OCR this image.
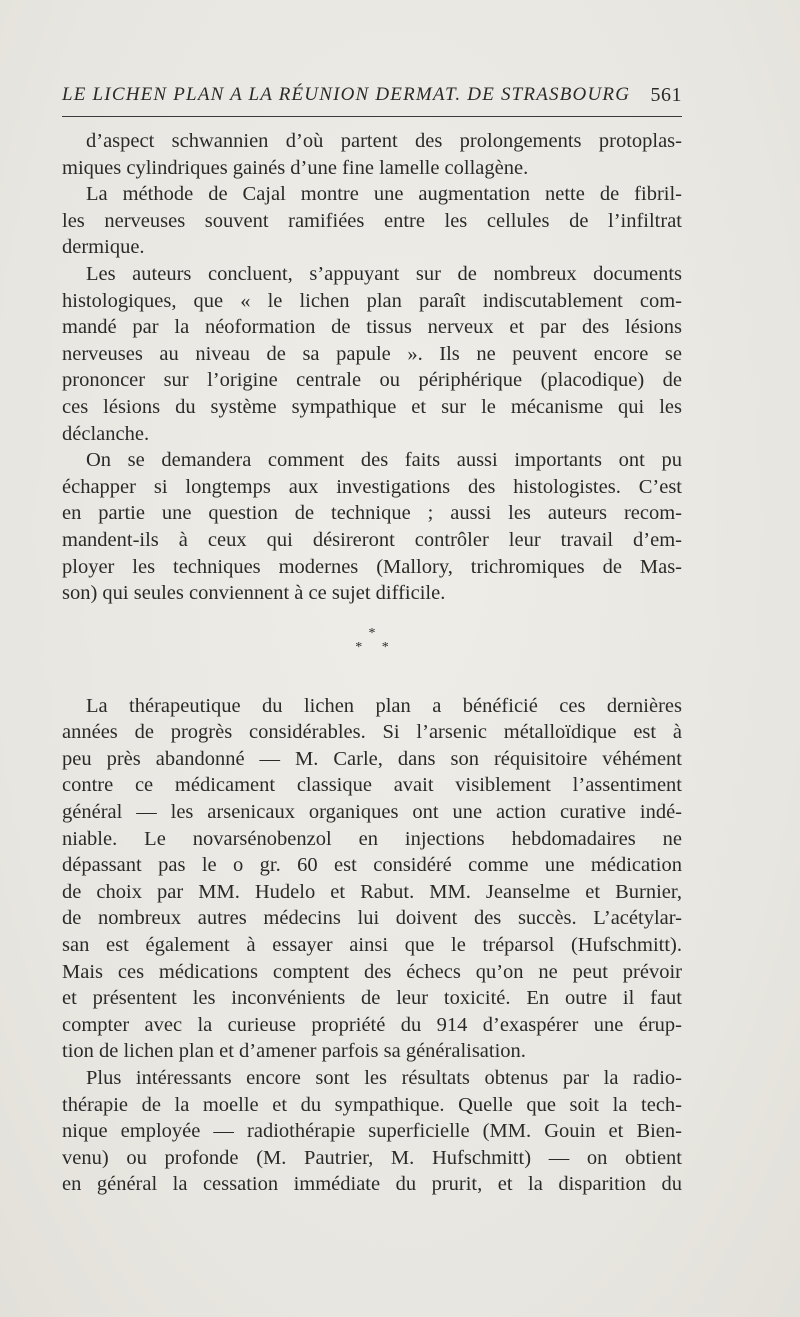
LE LICHEN PLAN A LA RÉUNION DERMAT. DE STRASBOURG 561
d’aspect schwannien d’où partent des prolongements protoplas-
miques cylindriques gainés d’une fine lamelle collagène.
La méthode de Cajal montre une augmentation nette de fibril-
les nerveuses souvent ramifiées entre les cellules de l’infiltrat
dermique.
Les auteurs concluent, s’appuyant sur de nombreux documents
histologiques, que « le lichen plan paraît indiscutablement com-
mandé par la néoformation de tissus nerveux et par des lésions
nerveuses au niveau de sa papule ». Ils ne peuvent encore se
prononcer sur l’origine centrale ou périphérique (placodique) de
ces lésions du système sympathique et sur le mécanisme qui les
déclanche.
On se demandera comment des faits aussi importants ont pu
échapper si longtemps aux investigations des histologistes. C’est
en partie une question de technique ; aussi les auteurs recom-
mandent-ils à ceux qui désireront contrôler leur travail d’em-
ployer les techniques modernes (Mallory, trichromiques de Mas-
son) qui seules conviennent à ce sujet difficile.
*
* *
La thérapeutique du lichen plan a bénéficié ces dernières
années de progrès considérables. Si l’arsenic métalloïdique est à
peu près abandonné — M. Carle, dans son réquisitoire véhément
contre ce médicament classique avait visiblement l’assentiment
général — les arsenicaux organiques ont une action curative indé-
niable. Le novarsénobenzol en injections hebdomadaires ne
dépassant pas le o gr. 60 est considéré comme une médication
de choix par MM. Hudelo et Rabut. MM. Jeanselme et Burnier,
de nombreux autres médecins lui doivent des succès. L’acétylar-
san est également à essayer ainsi que le tréparsol (Hufschmitt).
Mais ces médications comptent des échecs qu’on ne peut prévoir
et présentent les inconvénients de leur toxicité. En outre il faut
compter avec la curieuse propriété du 914 d’exaspérer une érup-
tion de lichen plan et d’amener parfois sa généralisation.
Plus intéressants encore sont les résultats obtenus par la radio-
thérapie de la moelle et du sympathique. Quelle que soit la tech-
nique employée — radiothérapie superficielle (MM. Gouin et Bien-
venu) ou profonde (M. Pautrier, M. Hufschmitt) — on obtient
en général la cessation immédiate du prurit, et la disparition du
